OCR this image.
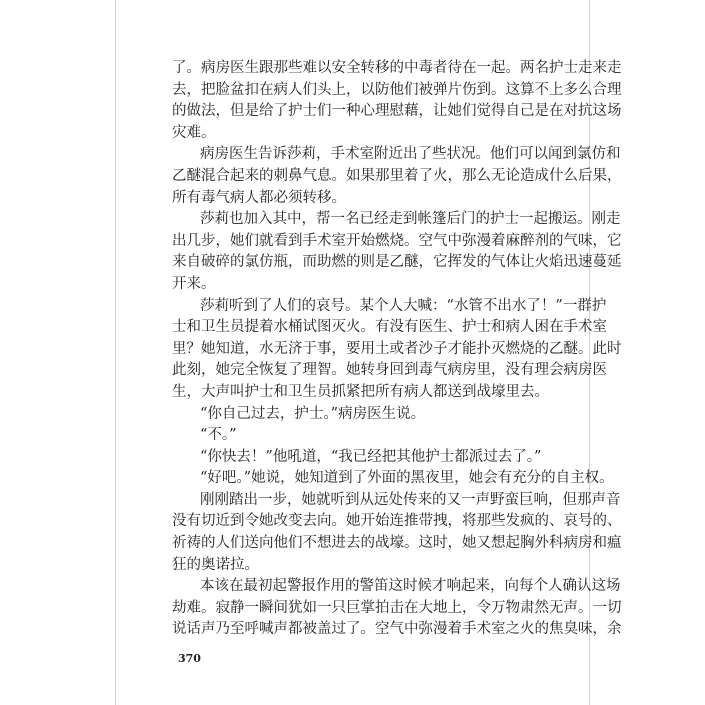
了。病房医生跟那些难以安全转移的中毒者待在一起。两名护士走来走
去，把脸盆扣在病人们头上，以防他们被弹片伤到。这算不上多么合理
的做法，但是给了护士们一种心理慰藉，让她们觉得自己是在对抗这场
灾难。
病房医生告诉莎莉，手术室附近出了些状况。他们可以闻到氯仿和
乙醚混合起来的刺鼻气息。如果那里着了火，那么无论造成什么后果，
所有毒气病人都必须转移。
莎莉也加入其中，帮一名已经走到帐篷后门的护士一起搬运。刚走
出几步，她们就看到手术室开始燃烧。空气中弥漫着麻醉剂的气味，它
来自破碎的氯仿瓶，而助燃的则是乙醚，它挥发的气体让火焰迅速蔓延
开来。
莎莉听到了人们的哀号。某个人大喊：“水管不出水了！”一群护
士和卫生员提着水桶试图灭火。有没有医生、护士和病人困在手术室
里？她知道，水无济于事，要用土或者沙子才能扑灭燃烧的乙醚。此时
此刻，她完全恢复了理智。她转身回到毒气病房里，没有理会病房医
生，大声叫护士和卫生员抓紧把所有病人都送到战壕里去。
“你自己过去，护士。”病房医生说。
“不。”
“你快去！”他吼道，“我已经把其他护士都派过去了。”
“好吧。”她说，她知道到了外面的黑夜里，她会有充分的自主权。
刚刚踏出一步，她就听到从远处传来的又一声野蛮巨响，但那声音
没有切近到令她改变去向。她开始连推带拽，将那些发疯的、哀号的、
祈祷的人们送向他们不想进去的战壕。这时，她又想起胸外科病房和瘟
狂的奥诺拉。
本该在最初起警报作用的警笛这时候才响起来，向每个人确认这场
劫难。寂静一瞬间犹如一只巨掌拍击在大地上，令万物肃然无声。一切
说话声乃至呼喊声都被盖过了。空气中弥漫着手术室之火的焦臭味，余
370
